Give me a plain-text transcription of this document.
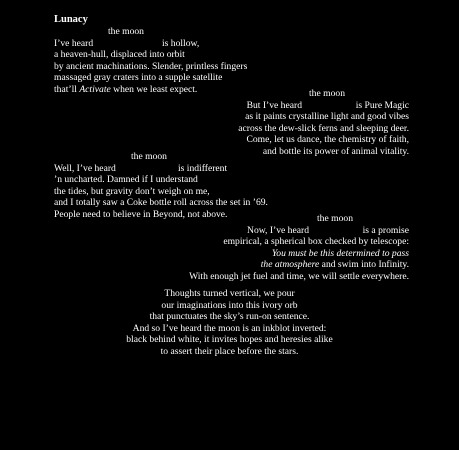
Lunacy
the moon
I’ve heard	is hollow,
a heaven-hull, displaced into orbit
by ancient machinations. Slender, printless fingers
massaged gray craters into a supple satellite
that’ll Activate when we least expect.	the moon
is Pure Magic
But I’ve heard
as it paints crystalline light and good vibes
across the dew-slick ferns and sleeping deer.
Come, let us dance, the chemistry of faith,
and bottle its power of animal vitality.
the moon
Well, I’ve heard	is indifferent
’n uncharted. Damned if I understand
the tides, but gravity don’t weigh on me,
and I totally saw a Coke bottle roll across the set in ’69.
People need to believe in Beyond, not above.	the moon
is a promise
Now, I’ve heard
empirical, a spherical box checked by telescope:
You must be this determined to pass
the atmosphere and swim into Infinity.
With enough jet fuel and time, we will settle everywhere.
Thoughts turned vertical, we pour
our imaginations into this ivory orb
that punctuates the sky’s run-on sentence.
And so I’ve heard the moon is an inkblot inverted:
black behind white, it invites hopes and heresies alike
to assert their place before the stars.
